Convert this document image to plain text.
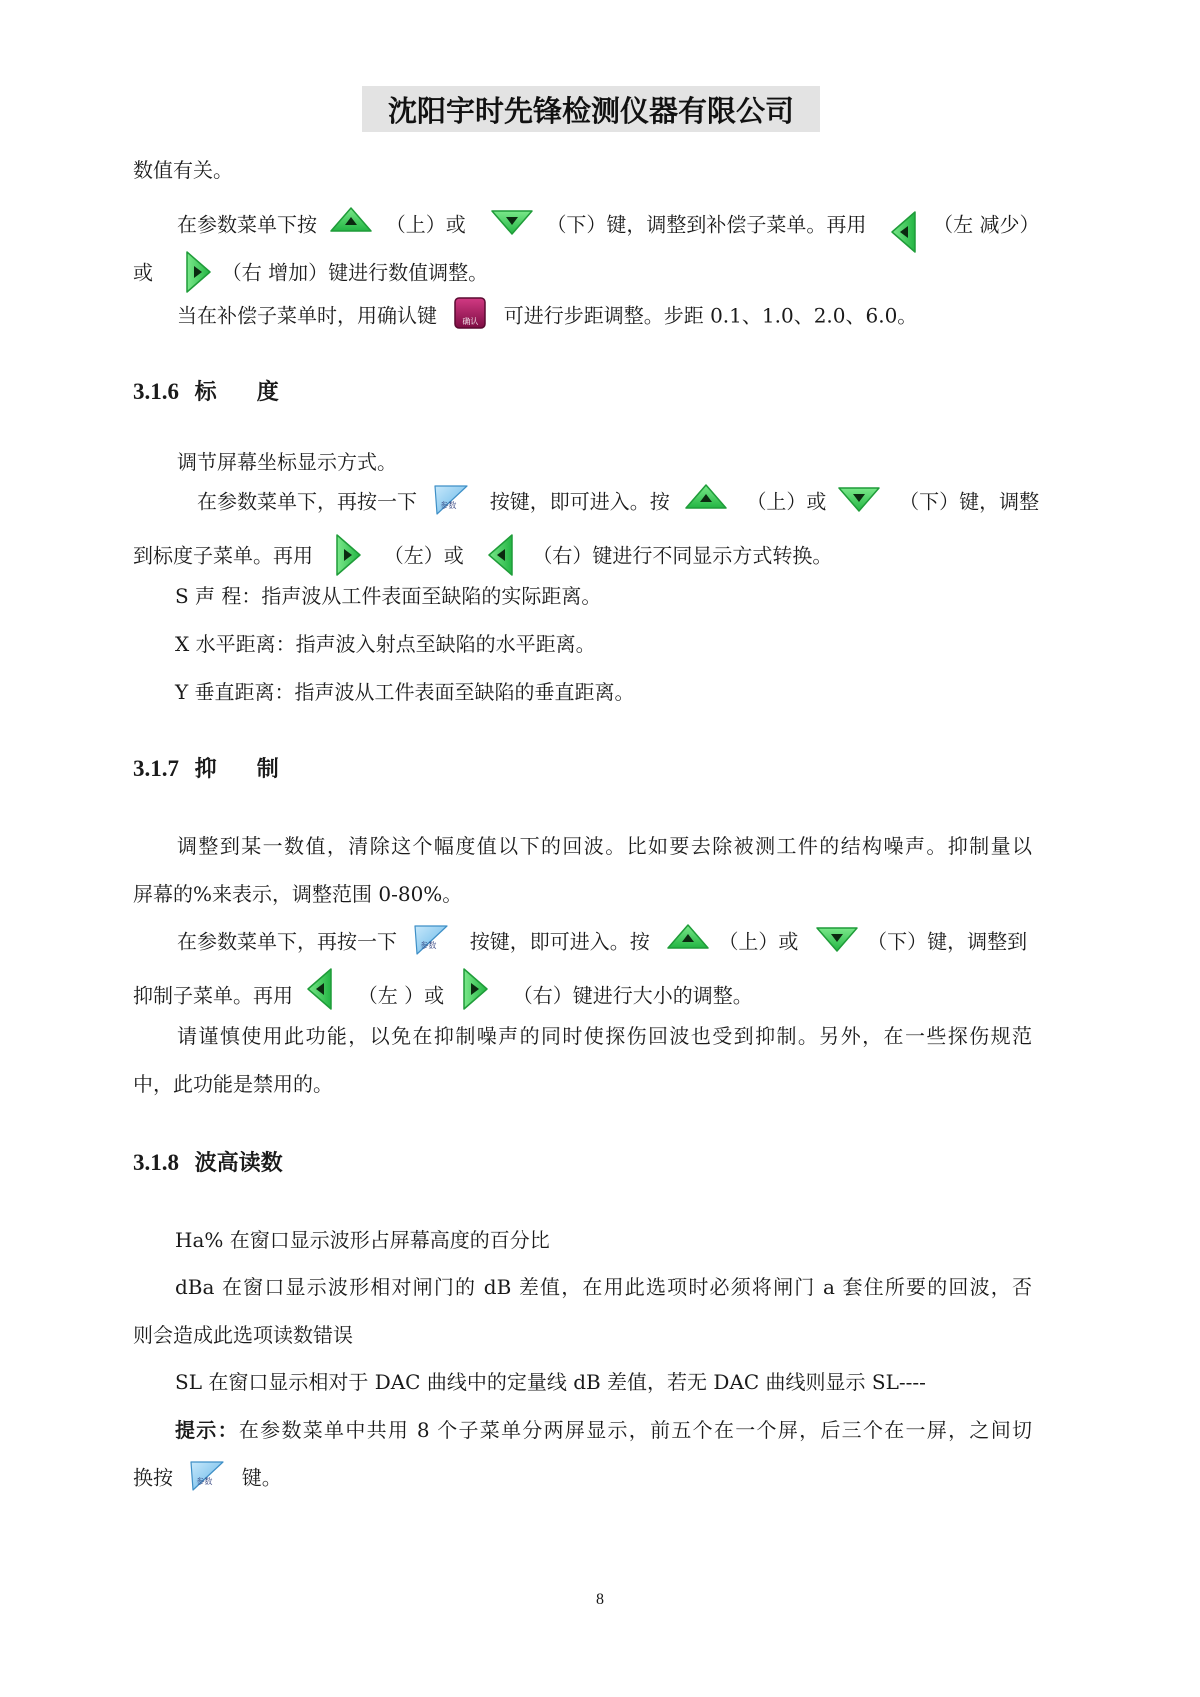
沈阳宇时先锋检测仪器有限公司
数值有关。
在参数菜单下按	（上）或	（下）键，调整到补偿子菜单。再用	（左 减少）
或	（右 增加）键进行数值调整。
当在补偿子菜单时，用确认键	确认	可进行步距调整。步距 0.1、1.0、2.0、6.0。
3.1.6 标 度
调节屏幕坐标显示方式。
在参数菜单下，再按一下	参数	按键，即可进入。按	（上）或	（下）键，调整
到标度子菜单。再用	（左）或	（右）键进行不同显示方式转换。
S 声 程：指声波从工件表面至缺陷的实际距离。
X 水平距离：指声波入射点至缺陷的水平距离。
Y 垂直距离：指声波从工件表面至缺陷的垂直距离。
3.1.7 抑 制
调整到某一数值，清除这个幅度值以下的回波。比如要去除被测工件的结构噪声。抑制量以
屏幕的%来表示，调整范围 0-80%。
在参数菜单下，再按一下	参数	按键，即可进入。按	（上）或	（下）键，调整到
抑制子菜单。再用	（左 ）或	（右）键进行大小的调整。
请谨慎使用此功能，以免在抑制噪声的同时使探伤回波也受到抑制。另外，在一些探伤规范
中，此功能是禁用的。
3.1.8 波高读数
Ha% 在窗口显示波形占屏幕高度的百分比
dBa 在窗口显示波形相对闸门的 dB 差值，在用此选项时必须将闸门 a 套住所要的回波，否
则会造成此选项读数错误
SL 在窗口显示相对于 DAC 曲线中的定量线 dB 差值，若无 DAC 曲线则显示 SL----
提示：在参数菜单中共用 8 个子菜单分两屏显示，前五个在一个屏，后三个在一屏，之间切
换按	参数	键。
8
